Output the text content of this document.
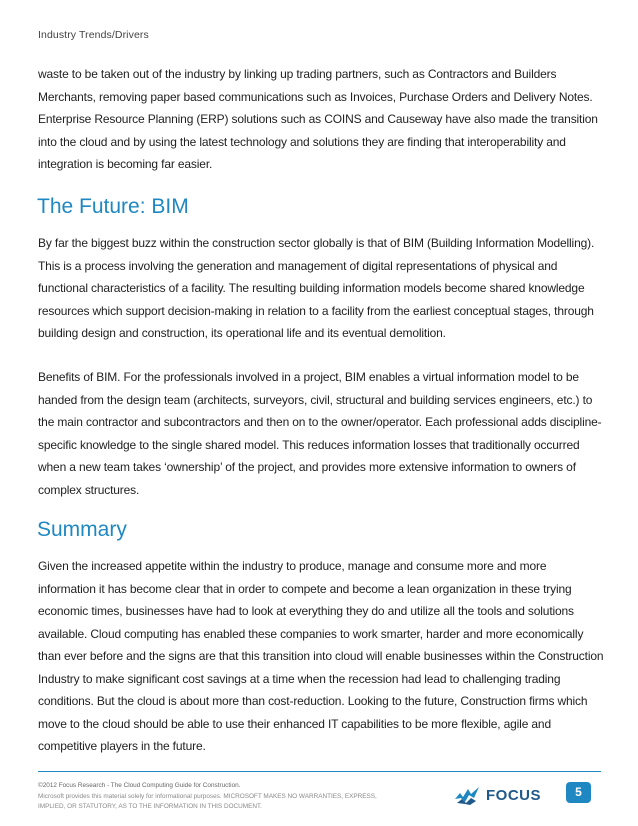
Industry Trends/Drivers

waste to be taken out of the industry by linking up trading partners, such as Contractors and Builders Merchants, removing paper based communications such as Invoices, Purchase Orders and Delivery Notes. Enterprise Resource Planning (ERP) solutions such as COINS and Causeway have also made the transition into the cloud and by using the latest technology and solutions they are finding that interoperability and integration is becoming far easier.

The Future: BIM

By far the biggest buzz within the construction sector globally is that of BIM (Building Information Modelling). This is a process involving the generation and management of digital representations of physical and functional characteristics of a facility. The resulting building information models become shared knowledge resources which support decision-making in relation to a facility from the earliest conceptual stages, through building design and construction, its operational life and its eventual demolition.

Benefits of BIM. For the professionals involved in a project, BIM enables a virtual information model to be handed from the design team (architects, surveyors, civil, structural and building services engineers, etc.) to the main contractor and subcontractors and then on to the owner/operator. Each professional adds discipline-specific knowledge to the single shared model. This reduces information losses that traditionally occurred when a new team takes ‘ownership’ of the project, and provides more extensive information to owners of complex structures.

Summary

Given the increased appetite within the industry to produce, manage and consume more and more information it has become clear that in order to compete and become a lean organization in these trying economic times, businesses have had to look at everything they do and utilize all the tools and solutions available. Cloud computing has enabled these companies to work smarter, harder and more economically than ever before and the signs are that this transition into cloud will enable businesses within the Construction Industry to make significant cost savings at a time when the recession had lead to challenging trading conditions. But the cloud is about more than cost-reduction. Looking to the future, Construction firms which move to the cloud should be able to use their enhanced IT capabilities to be more flexible, agile and competitive players in the future.

©2012 Focus Research - The Cloud Computing Guide for Construction.
Microsoft provides this material solely for informational purposes. MICROSOFT MAKES NO WARRANTIES, EXPRESS,
IMPLIED, OR STATUTORY, AS TO THE INFORMATION IN THIS DOCUMENT.
FOCUS	5
